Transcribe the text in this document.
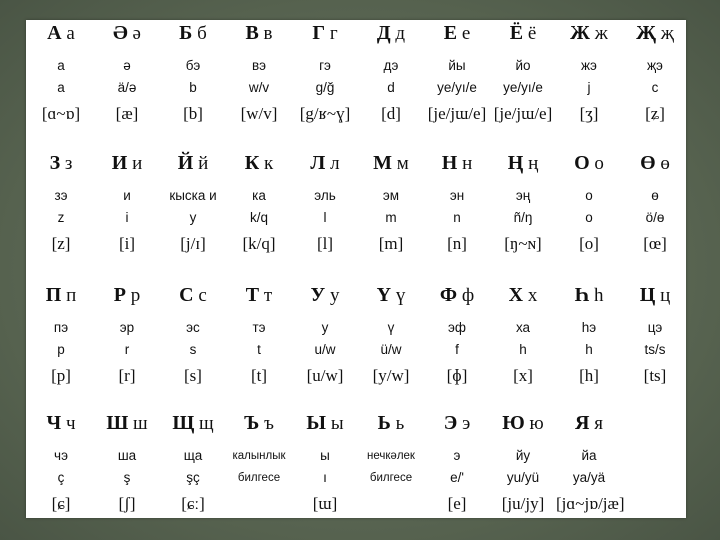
А а
а
a
[ɑ~ɒ]
Ә ә
ә
ä/ə
[æ]
Б б
бэ
b
[b]
В в
вэ
w/v
[w/v]
Г г
гэ
g/ğ
[g/ʁ~ɣ]
Д д
дэ
d
[d]
Е е
йы
ye/yı/e
[je/jɯ/e]
Ё ё
йо
ye/yı/e
[je/jɯ/e]
Ж ж
жэ
j
[ʒ]
Җ җ
җэ
c
[ʑ]
З з
зэ
z
[z]
И и
и
i
[i]
Й й
кыска и
y
[j/ɪ]
К к
ка
k/q
[k/q]
Л л
эль
l
[l]
М м
эм
m
[m]
Н н
эн
n
[n]
Ң ң
эң
ñ/ŋ
[ŋ~ɴ]
О о
о
o
[o]
Ө ө
ө
ö/ɵ
[œ]
П п
пэ
p
[p]
Р р
эр
r
[r]
С с
эс
s
[s]
Т т
тэ
t
[t]
У у
у
u/w
[u/w]
Ү ү
ү
ü/w
[y/w]
Ф ф
эф
f
[ɸ]
Х х
ха
h
[x]
Һ һ
һэ
h
[h]
Ц ц
цэ
ts/s
[ts]
Ч ч
чэ
ç
[ɕ]
Ш ш
ша
ş
[ʃ]
Щ щ
ща
şç
[ɕː]
Ъ ъ
калынлык
билгесе
Ы ы
ы
ı
[ɯ]
Ь ь
нечкәлек
билгесе
Э э
э
e/'
[e]
Ю ю
йу
yu/yü
[ju/jy]
Я я
йа
ya/yä
[jɑ~jɒ/jæ]
